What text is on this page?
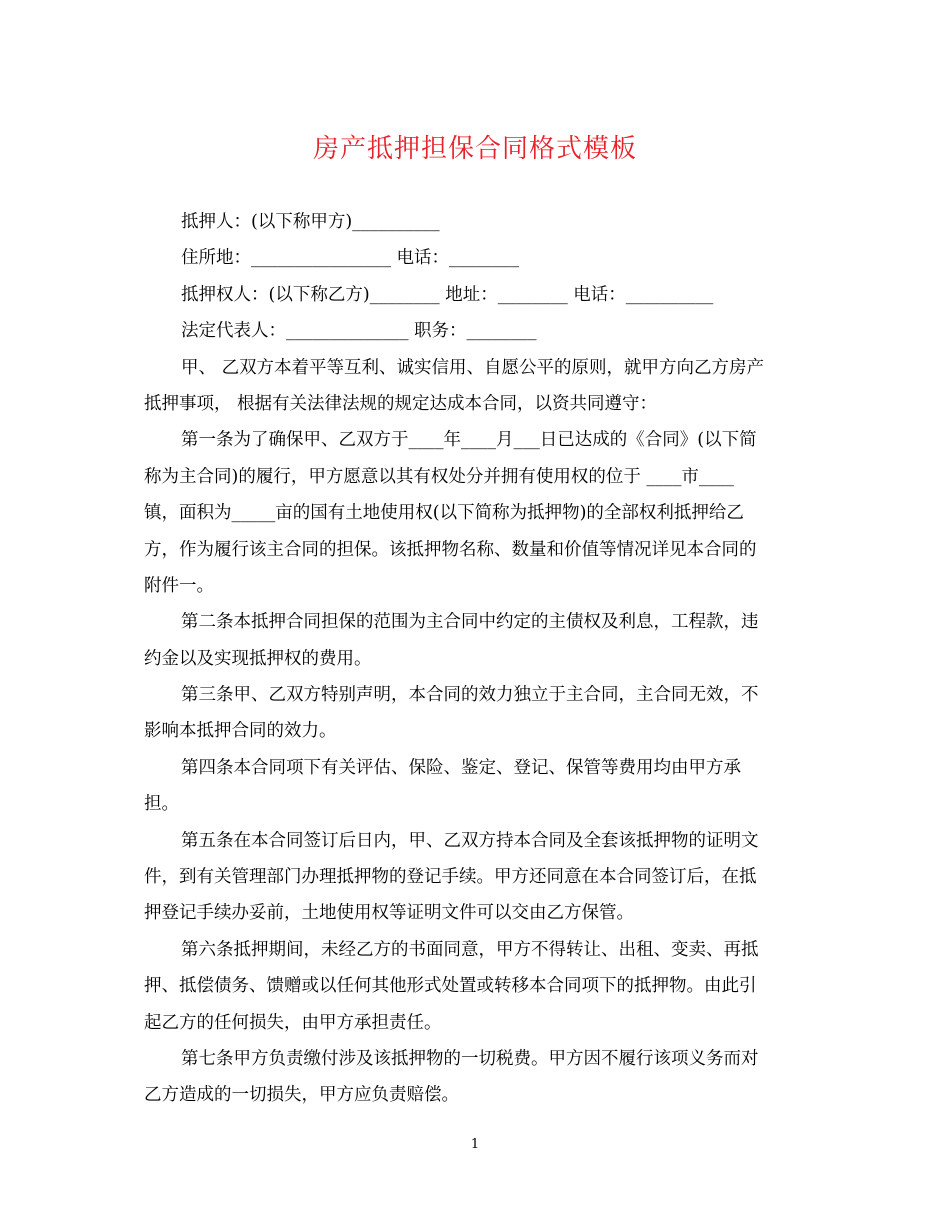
房产抵押担保合同格式模板
抵押人：(以下称甲方)__________
住所地：________________ 电话：________
抵押权人：(以下称乙方)________ 地址：________ 电话：__________
法定代表人：______________ 职务：________
甲、 乙双方本着平等互利、诚实信用、自愿公平的原则，就甲方向乙方房产
抵押事项， 根据有关法律法规的规定达成本合同，以资共同遵守：
第一条为了确保甲、乙双方于____年____月___日已达成的《合同》(以下简
称为主合同)的履行，甲方愿意以其有权处分并拥有使用权的位于 ____市____
镇，面积为_____亩的国有土地使用权(以下简称为抵押物)的全部权利抵押给乙
方，作为履行该主合同的担保。该抵押物名称、数量和价值等情况详见本合同的
附件一。
第二条本抵押合同担保的范围为主合同中约定的主债权及利息，工程款，违
约金以及实现抵押权的费用。
第三条甲、乙双方特别声明，本合同的效力独立于主合同，主合同无效，不
影响本抵押合同的效力。
第四条本合同项下有关评估、保险、鉴定、登记、保管等费用均由甲方承
担。
第五条在本合同签订后日内，甲、乙双方持本合同及全套该抵押物的证明文
件，到有关管理部门办理抵押物的登记手续。甲方还同意在本合同签订后，在抵
押登记手续办妥前，土地使用权等证明文件可以交由乙方保管。
第六条抵押期间，未经乙方的书面同意，甲方不得转让、出租、变卖、再抵
押、抵偿债务、馈赠或以任何其他形式处置或转移本合同项下的抵押物。由此引
起乙方的任何损失，由甲方承担责任。
第七条甲方负责缴付涉及该抵押物的一切税费。甲方因不履行该项义务而对
乙方造成的一切损失，甲方应负责赔偿。
1
